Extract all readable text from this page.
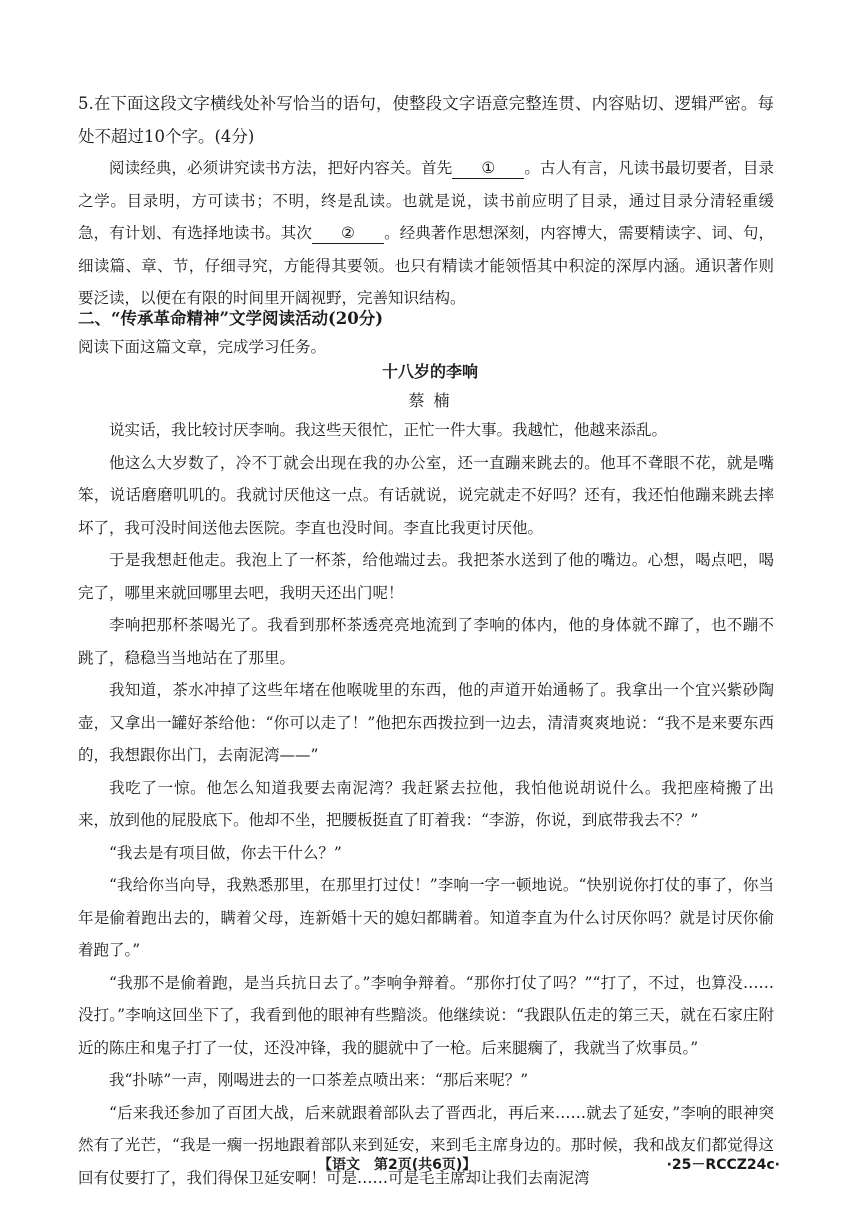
5.在下面这段文字横线处补写恰当的语句，使整段文字语意完整连贯、内容贴切、逻辑严密。每处不超过10个字。(4分)

阅读经典，必须讲究读书方法，把好内容关。首先 ① 。古人有言，凡读书最切要者，目录之学。目录明，方可读书；不明，终是乱读。也就是说，读书前应明了目录，通过目录分清轻重缓急，有计划、有选择地读书。其次 ② 。经典著作思想深刻，内容博大，需要精读字、词、句，细读篇、章、节，仔细寻究，方能得其要领。也只有精读才能领悟其中积淀的深厚内涵。通识著作则要泛读，以便在有限的时间里开阔视野，完善知识结构。

二、“传承革命精神”文学阅读活动(20分)

阅读下面这篇文章，完成学习任务。

十八岁的李响

蔡 楠

说实话，我比较讨厌李响。我这些天很忙，正忙一件大事。我越忙，他越来添乱。

他这么大岁数了，冷不丁就会出现在我的办公室，还一直蹦来跳去的。他耳不聋眼不花，就是嘴笨，说话磨磨叽叽的。我就讨厌他这一点。有话就说，说完就走不好吗？还有，我还怕他蹦来跳去摔坏了，我可没时间送他去医院。李直也没时间。李直比我更讨厌他。

于是我想赶他走。我泡上了一杯茶，给他端过去。我把茶水送到了他的嘴边。心想，喝点吧，喝完了，哪里来就回哪里去吧，我明天还出门呢！

李响把那杯茶喝光了。我看到那杯茶透亮亮地流到了李响的体内，他的身体就不蹿了，也不蹦不跳了，稳稳当当地站在了那里。

我知道，茶水冲掉了这些年堵在他喉咙里的东西，他的声道开始通畅了。我拿出一个宜兴紫砂陶壶，又拿出一罐好茶给他：“你可以走了！”他把东西拨拉到一边去，清清爽爽地说：“我不是来要东西的，我想跟你出门，去南泥湾——”

我吃了一惊。他怎么知道我要去南泥湾？我赶紧去拉他，我怕他说胡说什么。我把座椅搬了出来，放到他的屁股底下。他却不坐，把腰板挺直了盯着我：“李游，你说，到底带我去不？”

“我去是有项目做，你去干什么？”

“我给你当向导，我熟悉那里，在那里打过仗！”李响一字一顿地说。“快别说你打仗的事了，你当年是偷着跑出去的，瞒着父母，连新婚十天的媳妇都瞒着。知道李直为什么讨厌你吗？就是讨厌你偷着跑了。”

“我那不是偷着跑，是当兵抗日去了。”李响争辩着。“那你打仗了吗？”“打了，不过，也算没……没打。”李响这回坐下了，我看到他的眼神有些黯淡。他继续说：“我跟队伍走的第三天，就在石家庄附近的陈庄和鬼子打了一仗，还没冲锋，我的腿就中了一枪。后来腿瘸了，我就当了炊事员。”

我“扑哧”一声，刚喝进去的一口茶差点喷出来：“那后来呢？”

“后来我还参加了百团大战，后来就跟着部队去了晋西北，再后来……就去了延安，”李响的眼神突然有了光芒，“我是一瘸一拐地跟着部队来到延安，来到毛主席身边的。那时候，我和战友们都觉得这回有仗要打了，我们得保卫延安啊！可是……可是毛主席却让我们去南泥湾

【语文　第2页(共6页)】	·25－RCCZ24c·
